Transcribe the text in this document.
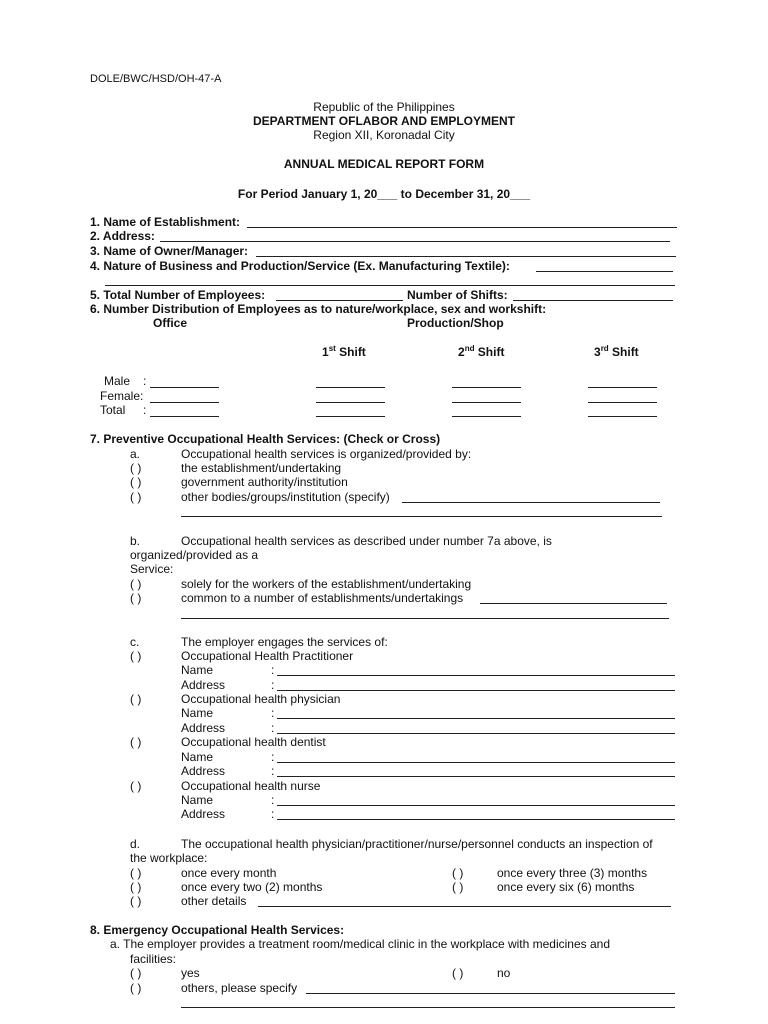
DOLE/BWC/HSD/OH-47-A
Republic of the Philippines
DEPARTMENT OFLABOR AND EMPLOYMENT
Region XII, Koronadal City
ANNUAL MEDICAL REPORT FORM
For Period January 1, 20___ to December 31, 20___
1. Name of Establishment:
2. Address:
3. Name of Owner/Manager:
4. Nature of Business and Production/Service (Ex. Manufacturing Textile):
5. Total Number of Employees:	Number of Shifts:
6. Number Distribution of Employees as to nature/workplace, sex and workshift:
Office	Production/Shop
1st Shift	2nd Shift	3rd Shift
Male :
Female:
Total :
7. Preventive Occupational Health Services: (Check or Cross)
a.	Occupational health services is organized/provided by:
( )	the establishment/undertaking
( )	government authority/institution
( )	other bodies/groups/institution (specify)
b.	Occupational health services as described under number 7a above, is
organized/provided as a
Service:
( )	solely for the workers of the establishment/undertaking
( )	common to a number of establishments/undertakings
c.	The employer engages the services of:
( )	Occupational Health Practitioner
Name	:
Address	:
( )	Occupational health physician
Name	:
Address	:
( )	Occupational health dentist
Name	:
Address	:
( )	Occupational health nurse
Name	:
Address	:
d.	The occupational health physician/practitioner/nurse/personnel conducts an inspection of
the workplace:
( )	once every month	( )	once every three (3) months
( )	once every two (2) months	( )	once every six (6) months
( )	other details
8. Emergency Occupational Health Services:
a. The employer provides a treatment room/medical clinic in the workplace with medicines and
facilities:
( )	yes	( )	no
( )	others, please specify
